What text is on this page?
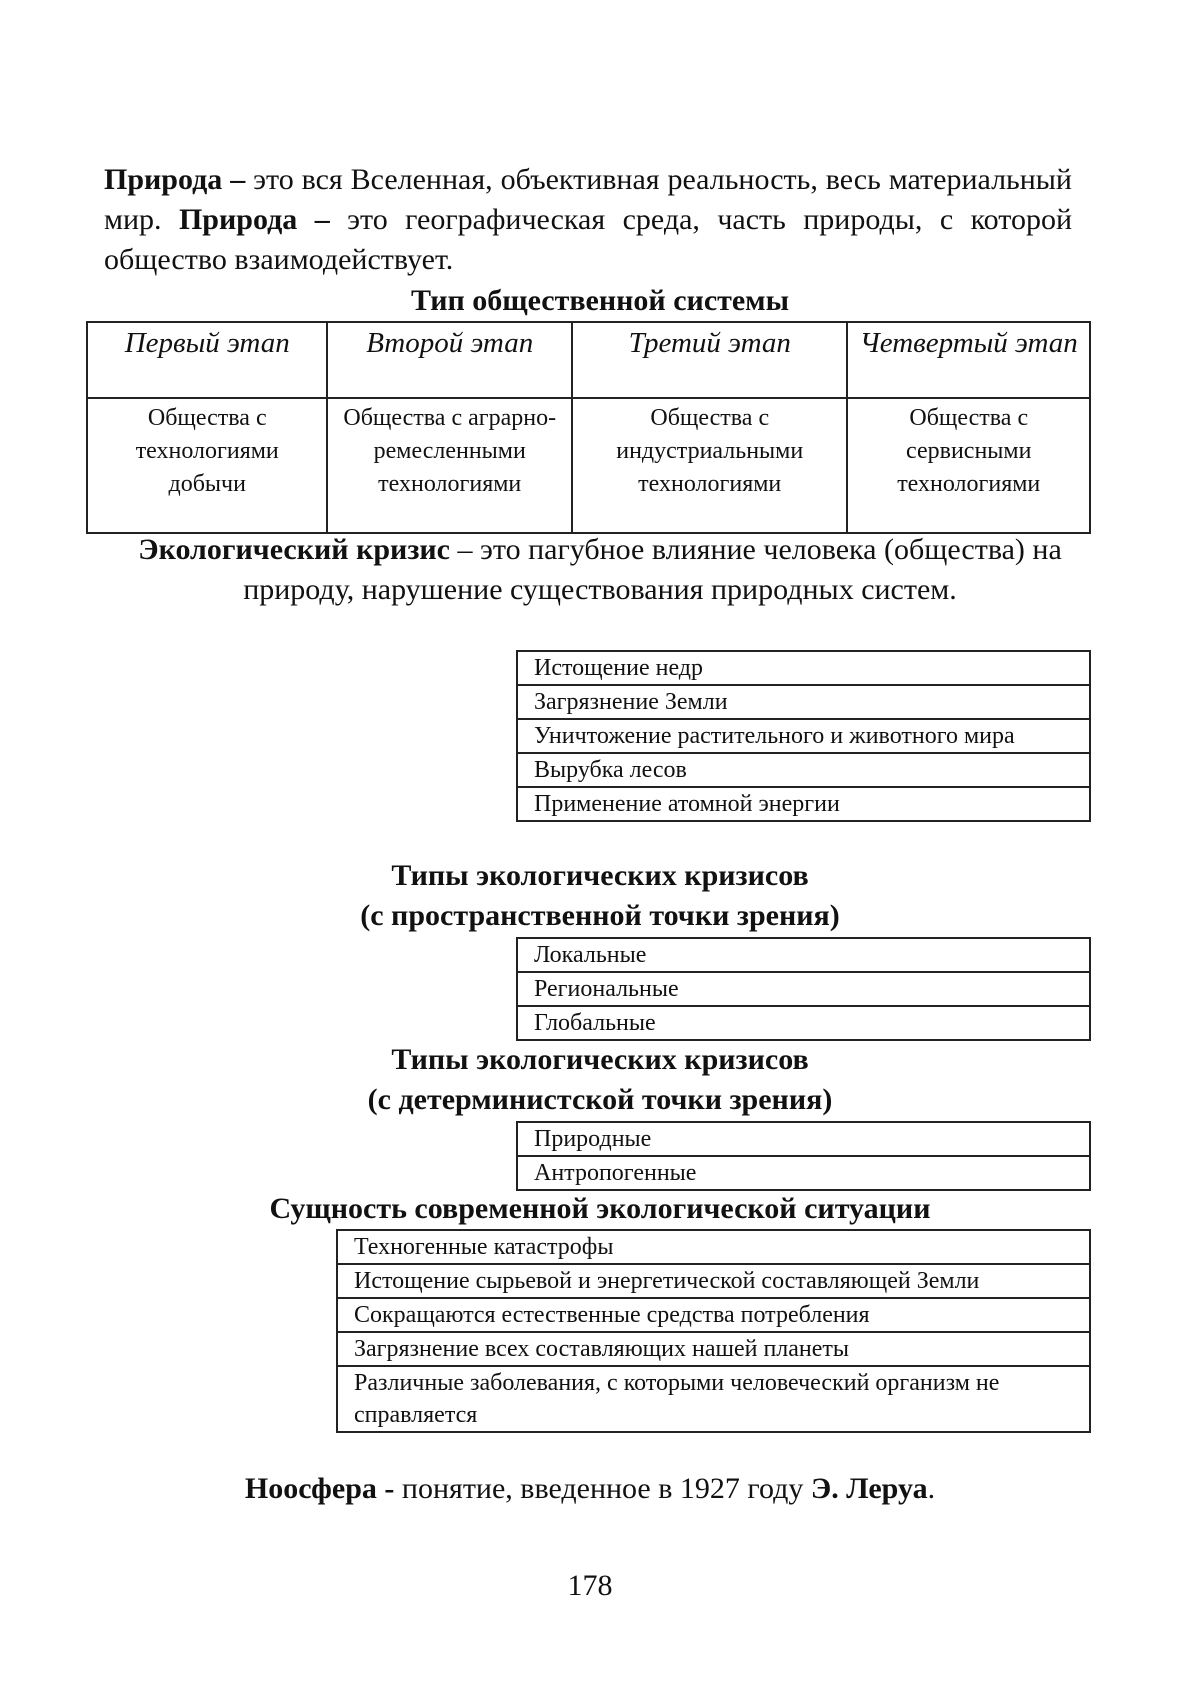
Природа – это вся Вселенная, объективная реальность, весь материальный мир. Природа – это географическая среда, часть природы, с которой общество взаимодействует.

Тип общественной системы
Первый этап	Второй этап	Третий этап	Четвертый этап
Общества с технологиями добычи	Общества с аграрно-ремесленными технологиями	Общества с индустриальными технологиями	Общества с сервисными технологиями

Экологический кризис – это пагубное влияние человека (общества) на природу, нарушение существования природных систем.

Истощение недр
Загрязнение Земли
Уничтожение растительного и животного мира
Вырубка лесов
Применение атомной энергии
Типы экологических кризисов
(с пространственной точки зрения)
Локальные
Региональные
Глобальные
Типы экологических кризисов
(с детерминистской точки зрения)
Природные
Антропогенные
Сущность современной экологической ситуации
Техногенные катастрофы
Истощение сырьевой и энергетической составляющей Земли
Сокращаются естественные средства потребления
Загрязнение всех составляющих нашей планеты
Различные заболевания, с которыми человеческий организм не справляется

Ноосфера - понятие, введенное в 1927 году Э. Леруа.

178
